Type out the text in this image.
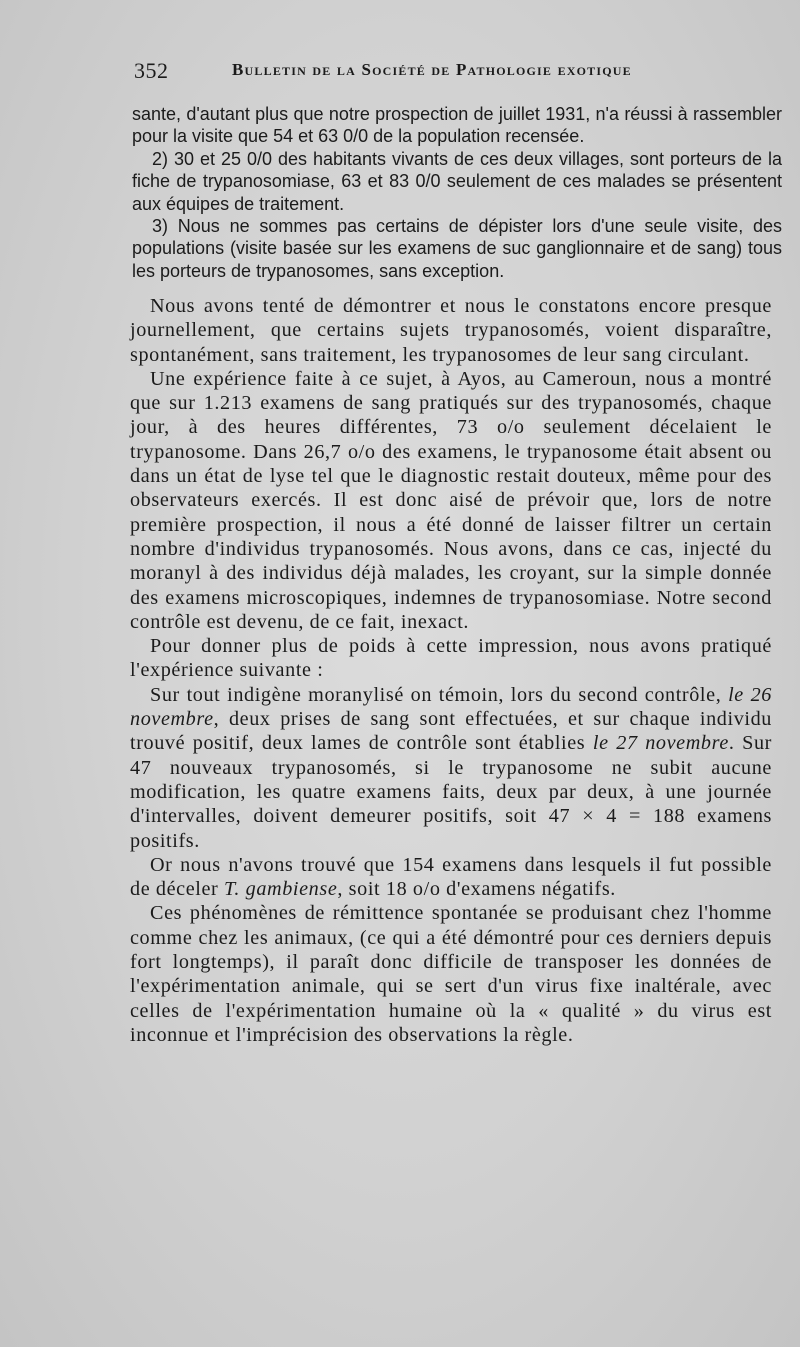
352	Bulletin de la Société de Pathologie exotique

sante, d'autant plus que notre prospection de juillet 1931, n'a réussi à rassembler pour la visite que 54 et 63 0/0 de la population recensée.

2) 30 et 25 0/0 des habitants vivants de ces deux villages, sont porteurs de la fiche de trypanosomiase, 63 et 83 0/0 seulement de ces malades se présentent aux équipes de traitement.

3) Nous ne sommes pas certains de dépister lors d'une seule visite, des populations (visite basée sur les examens de suc ganglionnaire et de sang) tous les porteurs de trypanosomes, sans exception.

Nous avons tenté de démontrer et nous le constatons encore presque journellement, que certains sujets trypanosomés, voient disparaître, spontanément, sans traitement, les trypanosomes de leur sang circulant.

Une expérience faite à ce sujet, à Ayos, au Cameroun, nous a montré que sur 1.213 examens de sang pratiqués sur des trypanosomés, chaque jour, à des heures différentes, 73 o/o seulement décelaient le trypanosome. Dans 26,7 o/o des examens, le trypanosome était absent ou dans un état de lyse tel que le diagnostic restait douteux, même pour des observateurs exercés. Il est donc aisé de prévoir que, lors de notre première prospection, il nous a été donné de laisser filtrer un certain nombre d'individus trypanosomés. Nous avons, dans ce cas, injecté du moranyl à des individus déjà malades, les croyant, sur la simple donnée des examens microscopiques, indemnes de trypanosomiase. Notre second contrôle est devenu, de ce fait, inexact.

Pour donner plus de poids à cette impression, nous avons pratiqué l'expérience suivante :

Sur tout indigène moranylisé on témoin, lors du second contrôle, le 26 novembre, deux prises de sang sont effectuées, et sur chaque individu trouvé positif, deux lames de contrôle sont établies le 27 novembre. Sur 47 nouveaux trypanosomés, si le trypanosome ne subit aucune modification, les quatre examens faits, deux par deux, à une journée d'intervalles, doivent demeurer positifs, soit 47 × 4 = 188 examens positifs.

Or nous n'avons trouvé que 154 examens dans lesquels il fut possible de déceler T. gambiense, soit 18 o/o d'examens négatifs.

Ces phénomènes de rémittence spontanée se produisant chez l'homme comme chez les animaux, (ce qui a été démontré pour ces derniers depuis fort longtemps), il paraît donc difficile de transposer les données de l'expérimentation animale, qui se sert d'un virus fixe inaltérale, avec celles de l'expérimentation humaine où la « qualité » du virus est inconnue et l'imprécision des observations la règle.
